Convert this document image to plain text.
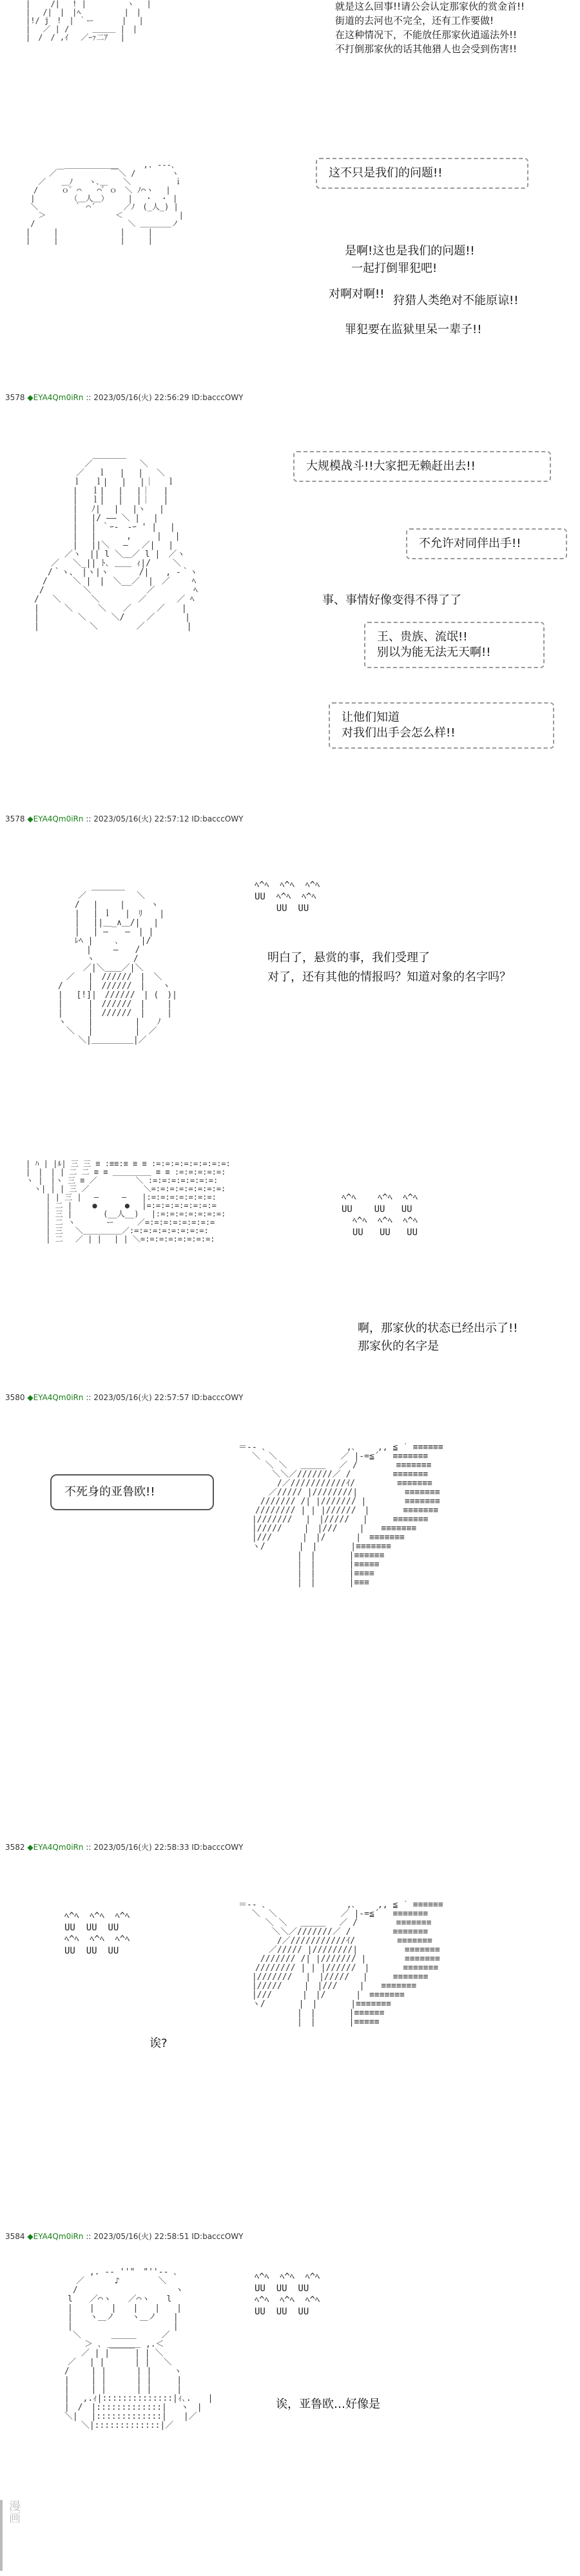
|　　 /|　 ! |　　 　　 ヽ　 |
| 　/|　|　|ﾍ　　　　　 |　|
|!/ j　!　| ｀ー　　　 |　 |
|　 ／ | /　　　＿＿＿ |　|
|　/　/ ,ｲ　 ／ｰｧ二ｱ　 |

就是这么回事!!请公会认定那家伙的赏金首!!
街道的去河也不完全，还有工作要做!
在这种情况下，不能放任那家伙逍遥法外!!
不打倒那家伙的话其他猎人也会受到伤害!!
　　　　　＿＿＿＿＿＿＿　 　 ,. -‐-､
　　　／￣　　　　　　￣＼ /　　　　 ヽ
　 ／　　＿ﾉ　　ヽ､＿　　＼　　　　　 ｉ
　/　　　ｏ゜⌒　　⌒゜ｏ　＼ ﾉ⌒ヽ　 |
|　　　　　（＿人＿）　　　|　 ・　・ |
＼　　　　 ｀ ⌒´　　　 ／ﾉ　(_人_) |
　 ＞　　　　　　　　　＜　 　　　　　 |
/　　　　　　　　　　　　＼ ＿＿＿＿ノ
|　　　|　　　　　　　　|　　　|
|　　　|　　　　　　　　|　　　|

这不只是我们的问题!!
是啊!这也是我们的问题!!
一起打倒罪犯吧!
对啊对啊!! 狩猎人类绝对不能原谅!!
罪犯要在监狱里呆一辈子!!
3578 ◆EYA4Qm0iRn :: 2023/05/16(火) 22:56:29 ID:bacccOWY
　　　　　　　　＿＿＿＿
　　　　　　　／　　　　　 ＼
　　　　　　／　 ｌ　 |　 |　 ＼
　　　　　 ｌ　 ｌ|　 |　 |｜　 ｌ
　　　　　 |　 ｌ|　 |　 |｜　 |
　　　　　 |　 ｌ|　 |　 |｜　 |
　　　　　 |　 ﾉ|　 |　 |ヽ　 |
　　　　　 |　 |/ ―― ＼ |　 |
　　　　　 |　 | ｀ｰ-　-ｰ ' |　 |
　　　　　 |　 |　　　 ,　　　|　 |
　　　　　 |　 ||＼　 ―　 ／|　 |
　　　　 ／ヽ　|| l ＼＿／ l |　／ヽ
　　　／　 ＼_|| ﾄ､ ＿＿ ｨ|/　　 ＼
　　 /｀ヽ、　|ヽ|ヽ　　　 /|　　, -｀ヽ
　　/　　　＼ |　|　＼__／　|　／　　 ﾍ
　 /　　　　 ＼　　　　　　 ／　　　　 ﾍ
　/　 ＼　　　 ＼　　　　 ／　　　 ／ ﾍ
　|　　　＼　　　＼　　／　　　／　　|
　|　　　　 ＼　　　＼/　　 ／　　　 |
　|　　　　　　＼　　　　 ／　　　　　|

大规模战斗!!大家把无赖赶出去!!
不允许对同伴出手!!
事、事情好像变得不得了了
王、贵族、流氓!!
别以为能无法无天啊!!
让他们知道
对我们出手会怎么样!!
3578 ◆EYA4Qm0iRn :: 2023/05/16(火) 22:57:12 ID:bacccOWY
　　　　　　　　 ＿＿＿＿
　　　　　　　／　　　　　　＼
　　　　　　 /　 |　　 |　　　ヽ
　　　　　　 |　 | ｌ　 |　ﾘ　　|
　　　　　　 |　 ||＿_∧＿/|　 |
　　　　　　 |　 | ―　　―　| |
　　　　　　 ﾚﾍ |　　 ､　　 |/
　　　　　　　　|　　 ―　　/
　　　　　　　　ヽ　　　　 /
　　　　　　　 ／|＼＿＿／|＼
　　　　　 ／　 |　//////　|　＼
　　　　 /　　　|　//////　|　　ヽ
　　　　 |　 [!]|　//////　| (　)|
　　　　 |　　　|　//////　|　　 |
　　　　 |　　　|　//////　|　　 |
　　　　 ヽ　　 |　　　　　|　　ﾉ
　　　　　 ＼　 |　　　　　|　／
　　　　　　　＼|＿＿＿＿＿|／

ﾍ^ﾍ  ﾍ^ﾍ  ﾍ^ﾍ
UU  ﾍ^ﾍ  ﾍ^ﾍ
UU  UU
明白了，悬赏的事，我们受理了
对了，还有其他的情报吗？知道对象的名字吗？
| ﾊ | |ﾙ| 三 三 ≡ :≡≡:≡ ≡ ≡ :=:=:=:=:=:=:=:=:
|　|　| | 二 二 ≡ ≡ ＿＿＿＿＿ ≡ ≡ :=:=:=:=:=:
ヽ |　|ヽ 三 ≡ ／　　　　　＼ :=:=:=:=:=:=:=:
　ヽ| | | 三 ／　　　　　　　＼=:=:=:=:=:=:=:=:
　　 | | 三 |　 ―　　　―　　|:=:=:=:=:=:=:=:
　　 | 二 |　　 ●　　　 ●　 |=:=:=:=:=:=:=:=
　　 | 三 |　　　　(__人__)　 |:=:=:=:=:=:=:=:
　　 | 二 ヽ　　　　ー　　　／=:=:=:=:=:=:=:=
　　 | 三 　＼＿＿＿＿＿／:=:=:=:=:=:=:=:=:
　　 | 二 　／ | |　 | | ＼=:=:=:=:=:=:=:=:

ﾍ^ﾍ    ﾍ^ﾍ  ﾍ^ﾍ
UU    UU   UU
ﾍ^ﾍ  ﾍ^ﾍ  ﾍ^ﾍ
UU   UU   UU
啊，那家伙的状态已经出示了!!
那家伙的名字是
3580 ◆EYA4Qm0iRn :: 2023/05/16(火) 22:57:57 ID:bacccOWY
不死身的亚鲁欧!!
＝-‐ ､　　　　　　　　　 ,､　　 ,, ≦ ´ ≡≡≡≡≡≡
　 ＼　＼　　　　　　　 ／ |‐=≦´　 ≡≡≡≡≡≡≡
　 　 ＼ ＼　 ＿＿＿　 ／ /　　　　 ≡≡≡≡≡≡≡
　　　　＼＼／///////／ /　　　　　≡≡≡≡≡≡≡
　　　　 /／///////////ｲ/　　　　　≡≡≡≡≡≡≡
　　　 ／///// |////////|　　　　　 ≡≡≡≡≡≡≡
　　 /////// /| |/////// |　　　　 ≡≡≡≡≡≡≡
　　//////// | | |//////　|　　　　≡≡≡≡≡≡≡
　 |/////// 　|　|/////　 |　　　≡≡≡≡≡≡≡
　 |/////　　 |　|///　　 |　　≡≡≡≡≡≡≡
　 |///　　　 |　|/　　　 |　≡≡≡≡≡≡≡
　 ヽ/　　　　|　|　　　　|≡≡≡≡≡≡≡
　　　　　　　|　|　　　　|≡≡≡≡≡≡
　　　　　　　|　|　　　　|≡≡≡≡≡
　　　　　　　|　|　　　　|≡≡≡≡
　　　　　　　|　|　　　　|≡≡≡

3582 ◆EYA4Qm0iRn :: 2023/05/16(火) 22:58:33 ID:bacccOWY
ﾍ^ﾍ  ﾍ^ﾍ  ﾍ^ﾍ
UU  UU  UU
ﾍ^ﾍ  ﾍ^ﾍ  ﾍ^ﾍ
UU  UU  UU
诶?
＝-‐ ､　　　　　　　　　 ,､　　 ,, ≦ ´ ≡≡≡≡≡≡
　 ＼　＼　　　　　　　 ／ |‐=≦´　 ≡≡≡≡≡≡≡
　 　 ＼ ＼　 ＿＿＿　 ／ /　　　　 ≡≡≡≡≡≡≡
　　　　＼＼／///////／ /　　　　　≡≡≡≡≡≡≡
　　　　 /／///////////ｲ/　　　　　≡≡≡≡≡≡≡
　　　 ／///// |////////|　　　　　 ≡≡≡≡≡≡≡
　　 /////// /| |/////// |　　　　 ≡≡≡≡≡≡≡
　　//////// | | |//////　|　　　　≡≡≡≡≡≡≡
　 |/////// 　|　|/////　 |　　　≡≡≡≡≡≡≡
　 |/////　　 |　|///　　 |　　≡≡≡≡≡≡≡
　 |///　　　 |　|/　　　 |　≡≡≡≡≡≡≡
　 ヽ/　　　　|　|　　　　|≡≡≡≡≡≡≡
　　　　　　　|　|　　　　|≡≡≡≡≡≡
　　　　　　　|　|　　　　|≡≡≡≡≡

3584 ◆EYA4Qm0iRn :: 2023/05/16(火) 22:58:51 ID:bacccOWY
　　　　　　　 ,. -‐ ''"￣"''‐- ､
　　　　　　／　　　 ♪　　　　 ＼
　　　　　 /　　　　　　　　　　　 ヽ
　　　　　l　　／⌒ヽ　　／⌒ヽ　　l
　　　　　|　　|　　|　　|　　|　　|
　　　　　|　　ヽ＿ノ　　ヽ＿ノ　　|
　　　　　|　　　　　　　　　　　　|
　　　　　 ＼　　　 ＿＿＿　　　／
　　　　　　　＞ ､ ＿＿＿＿ ,.＜
　　　　　　 ／ | |￣￣￣| | ＼
　　　　　／　 | |　　 　| |　 ＼
　　　　 /　　 | |　　 　| |　　 ヽ
　　　　 |　　 | |　　 　| |　　　|
　　　　 |　　 | |　　 　| |　　　|
　　　　 |　 ,.ｨ|::::::::::::::|ｨ､.　　|
　　　　 |　/　|:::::::::::::|　 ヽ　|
　　　　 ＼|　 |:::::::::::::|　　|／
　　　　　　 ＼|:::::::::::::|／

ﾍ^ﾍ  ﾍ^ﾍ  ﾍ^ﾍ
UU  UU  UU
ﾍ^ﾍ  ﾍ^ﾍ  ﾍ^ﾍ
UU  UU  UU
诶，亚鲁欧…好像是
漫画
